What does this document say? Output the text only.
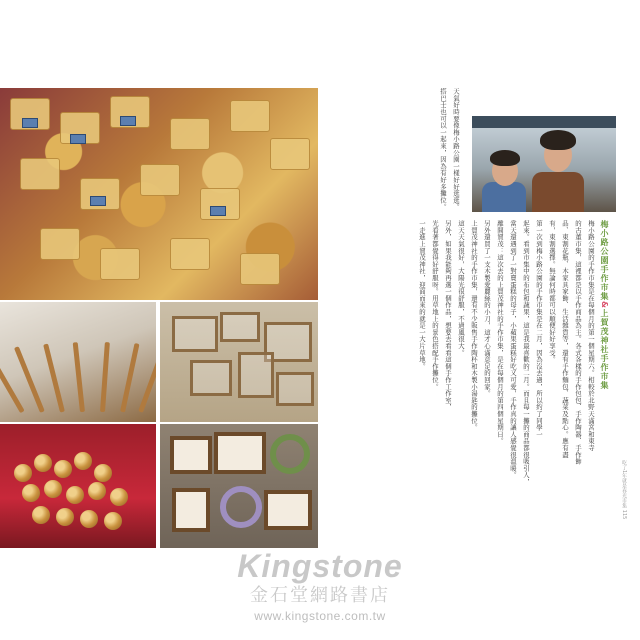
天氣好時要像梅小路公園一樣好好逛逛。
搭巴士也可以一起來，因為有好多攤位。
梅小路公園手作市集&上賀茂神社手作市集
梅小路公園的手作市集是在每個月的第一個星期六。相較於北野天滿宮和東寺
的古董市集，這裡都是以手作商品為主。各式各樣的手作包包、手作陶器、手作飾
品、東割花瓶、木家具家飾、生活雜貨等，還有手作麵包、蔬菜及點心。應有盡
有，東割選擇。無論何時都可以順便好好享受。
第一次到梅小路公園的手作市集是在二月，因為沒去過，所以約了同學一
起來。看到市集中的布包和蔬果，這是我最喜歡的二月。而且每一攤的商品都很吸引人，
當天還遇到了一對賣蛋糕的母子，小蘋果蛋糕好吃又可愛，手作真的讓人感覺很溫暖。
離開賀茂：這次去的上賀茂神社的手作市集，是在每個月的第四個星期日。
另外還買了一支木製愛麗絲的小刀，這才心滿意足的回家。
上賀茂神社的手作市集，還有不少販售手作陶杯和木製小湯匙的攤位。
這天天氣很好，大陽光很舒服，不過風很大。
另外，如果我能夠再選一個作品，想要去看看這個手作工作室，
光看著都覺得好舒服呀。用草地上的景色搭配手作攤位。
一走進上賀茂神社，迎面而來的就是一大片草地。
吃了1年就是春光市集 115
Kingstone
金石堂網路書店
www.kingstone.com.tw
